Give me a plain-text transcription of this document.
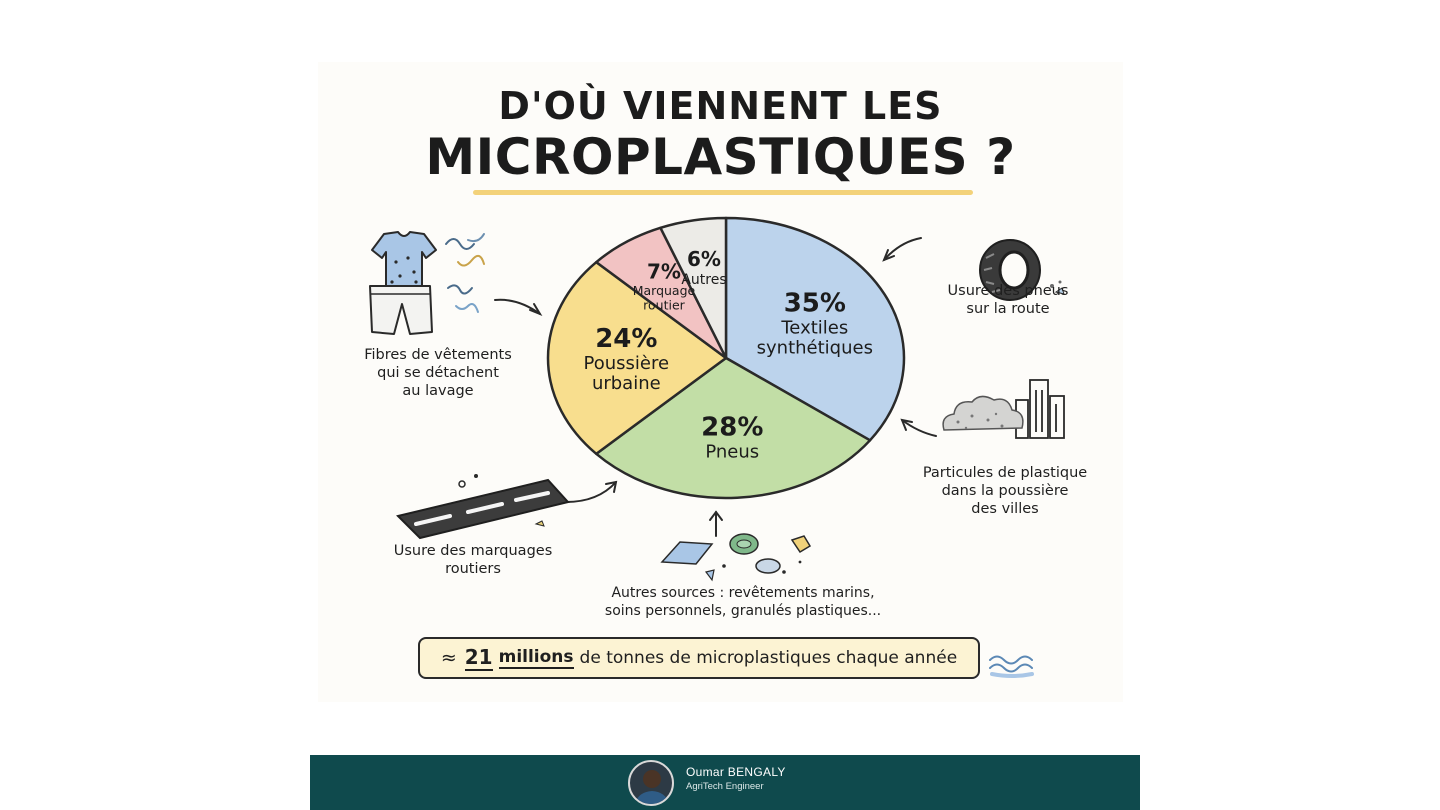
D'OÙ VIENNENT LES
MICROPLASTIQUES ?
35%
Textiles
synthétiques
28%
Pneus
24%
Poussière
urbaine
7%
Marquage
routier
6%
Autres
Fibres de vêtements
qui se détachent
au lavage
Usure des pneus
sur la route
Particules de plastique
dans la poussière
des villes
Usure des marquages
routiers
Autres sources : revêtements marins,
soins personnels, granulés plastiques...
≈ 21 millions de tonnes de microplastiques chaque année
Oumar BENGALY
AgriTech Engineer
